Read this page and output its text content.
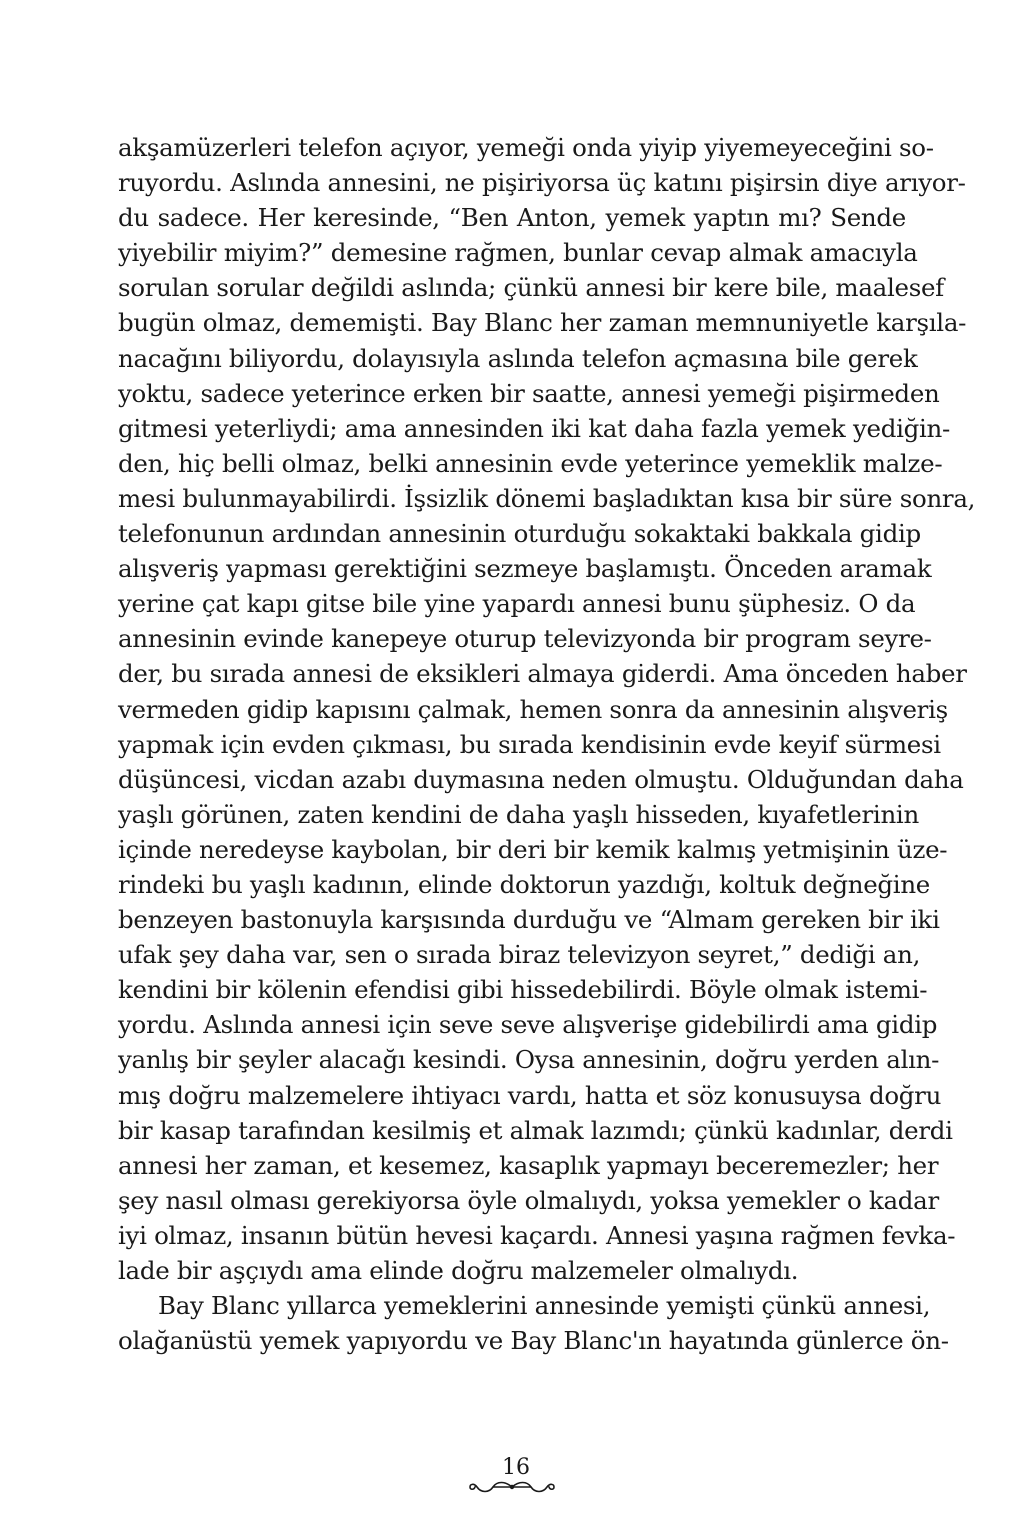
akşamüzerleri telefon açıyor, yemeği onda yiyip yiyemeyeceğini so-
ruyordu. Aslında annesini, ne pişiriyorsa üç katını pişirsin diye arıyor-
du sadece. Her keresinde, “Ben Anton, yemek yaptın mı? Sende
yiyebilir miyim?” demesine rağmen, bunlar cevap almak amacıyla
sorulan sorular değildi aslında; çünkü annesi bir kere bile, maalesef
bugün olmaz, dememişti. Bay Blanc her zaman memnuniyetle karşıla-
nacağını biliyordu, dolayısıyla aslında telefon açmasına bile gerek
yoktu, sadece yeterince erken bir saatte, annesi yemeği pişirmeden
gitmesi yeterliydi; ama annesinden iki kat daha fazla yemek yediğin-
den, hiç belli olmaz, belki annesinin evde yeterince yemeklik malze-
mesi bulunmayabilirdi. İşsizlik dönemi başladıktan kısa bir süre sonra,
telefonunun ardından annesinin oturduğu sokaktaki bakkala gidip
alışveriş yapması gerektiğini sezmeye başlamıştı. Önceden aramak
yerine çat kapı gitse bile yine yapardı annesi bunu şüphesiz. O da
annesinin evinde kanepeye oturup televizyonda bir program seyre-
der, bu sırada annesi de eksikleri almaya giderdi. Ama önceden haber
vermeden gidip kapısını çalmak, hemen sonra da annesinin alışveriş
yapmak için evden çıkması, bu sırada kendisinin evde keyif sürmesi
düşüncesi, vicdan azabı duymasına neden olmuştu. Olduğundan daha
yaşlı görünen, zaten kendini de daha yaşlı hisseden, kıyafetlerinin
içinde neredeyse kaybolan, bir deri bir kemik kalmış yetmişinin üze-
rindeki bu yaşlı kadının, elinde doktorun yazdığı, koltuk değneğine
benzeyen bastonuyla karşısında durduğu ve “Almam gereken bir iki
ufak şey daha var, sen o sırada biraz televizyon seyret,” dediği an,
kendini bir kölenin efendisi gibi hissedebilirdi. Böyle olmak istemi-
yordu. Aslında annesi için seve seve alışverişe gidebilirdi ama gidip
yanlış bir şeyler alacağı kesindi. Oysa annesinin, doğru yerden alın-
mış doğru malzemelere ihtiyacı vardı, hatta et söz konusuysa doğru
bir kasap tarafından kesilmiş et almak lazımdı; çünkü kadınlar, derdi
annesi her zaman, et kesemez, kasaplık yapmayı beceremezler; her
şey nasıl olması gerekiyorsa öyle olmalıydı, yoksa yemekler o kadar
iyi olmaz, insanın bütün hevesi kaçardı. Annesi yaşına rağmen fevka-
lade bir aşçıydı ama elinde doğru malzemeler olmalıydı.
Bay Blanc yıllarca yemeklerini annesinde yemişti çünkü annesi,
olağanüstü yemek yapıyordu ve Bay Blanc'ın hayatında günlerce ön-
16
